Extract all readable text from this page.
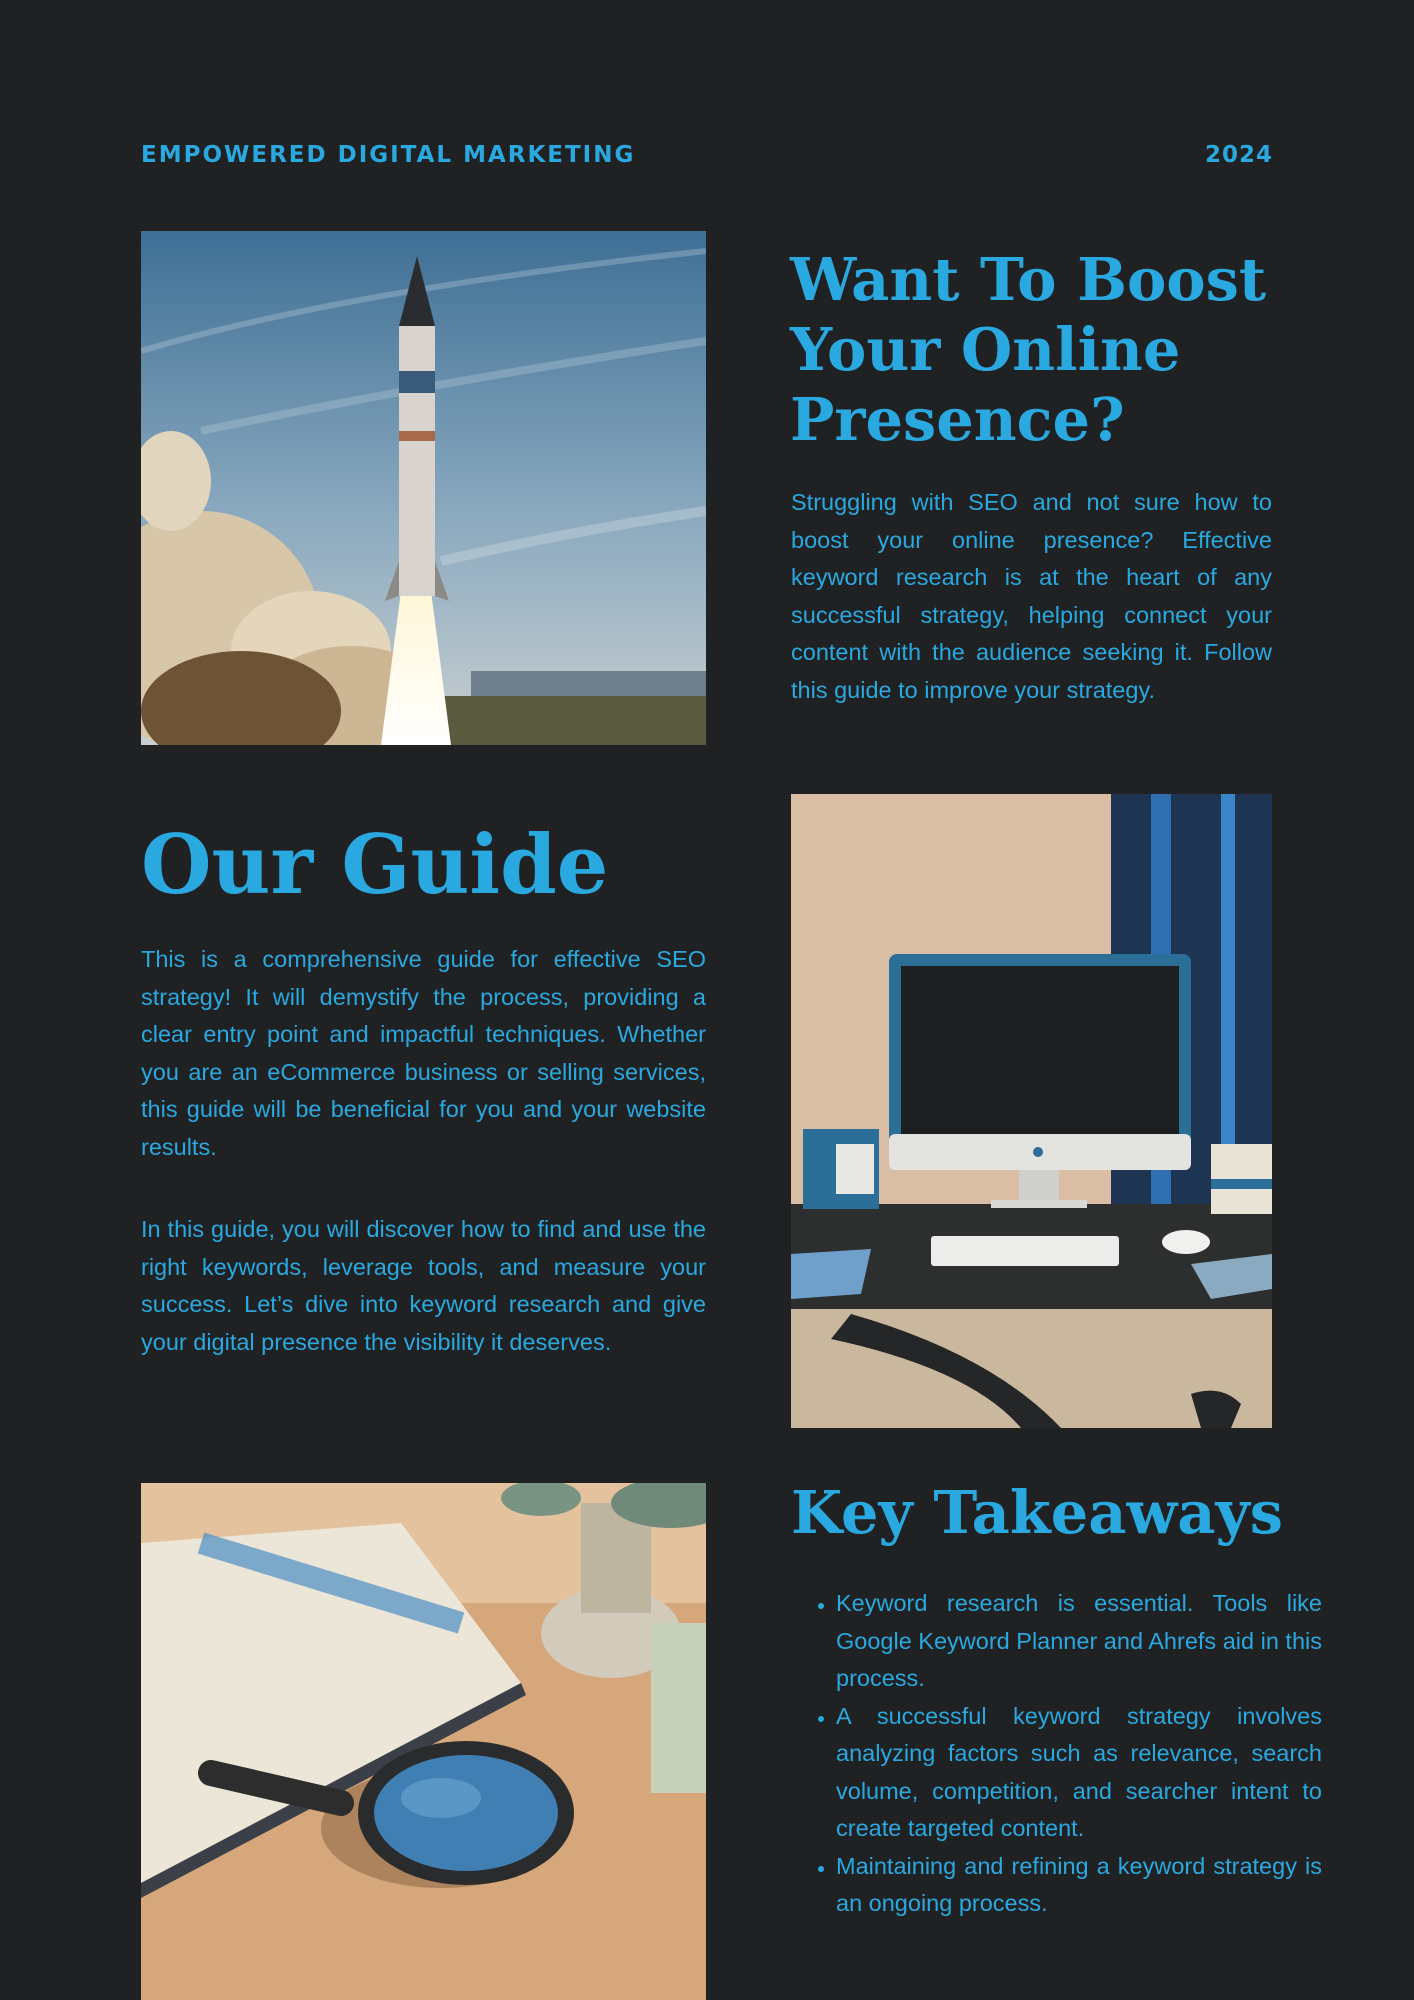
EMPOWERED DIGITAL MARKETING	2024
Want To Boost Your Online Presence?

Struggling with SEO and not sure how to boost your online presence? Effective keyword research is at the heart of any successful strategy, helping connect your content with the audience seeking it. Follow this guide to improve your strategy.

Our Guide

This is a comprehensive guide for effective SEO strategy! It will demystify the process, providing a clear entry point and impactful techniques. Whether you are an eCommerce business or selling services, this guide will be beneficial for you and your website results.

In this guide, you will discover how to find and use the right keywords, leverage tools, and measure your success. Let’s dive into keyword research and give your digital presence the visibility it deserves.

Key Takeaways
• Keyword research is essential. Tools like Google Keyword Planner and Ahrefs aid in this process.
• A successful keyword strategy involves analyzing factors such as relevance, search volume, competition, and searcher intent to create targeted content.
• Maintaining and refining a keyword strategy is an ongoing process.
